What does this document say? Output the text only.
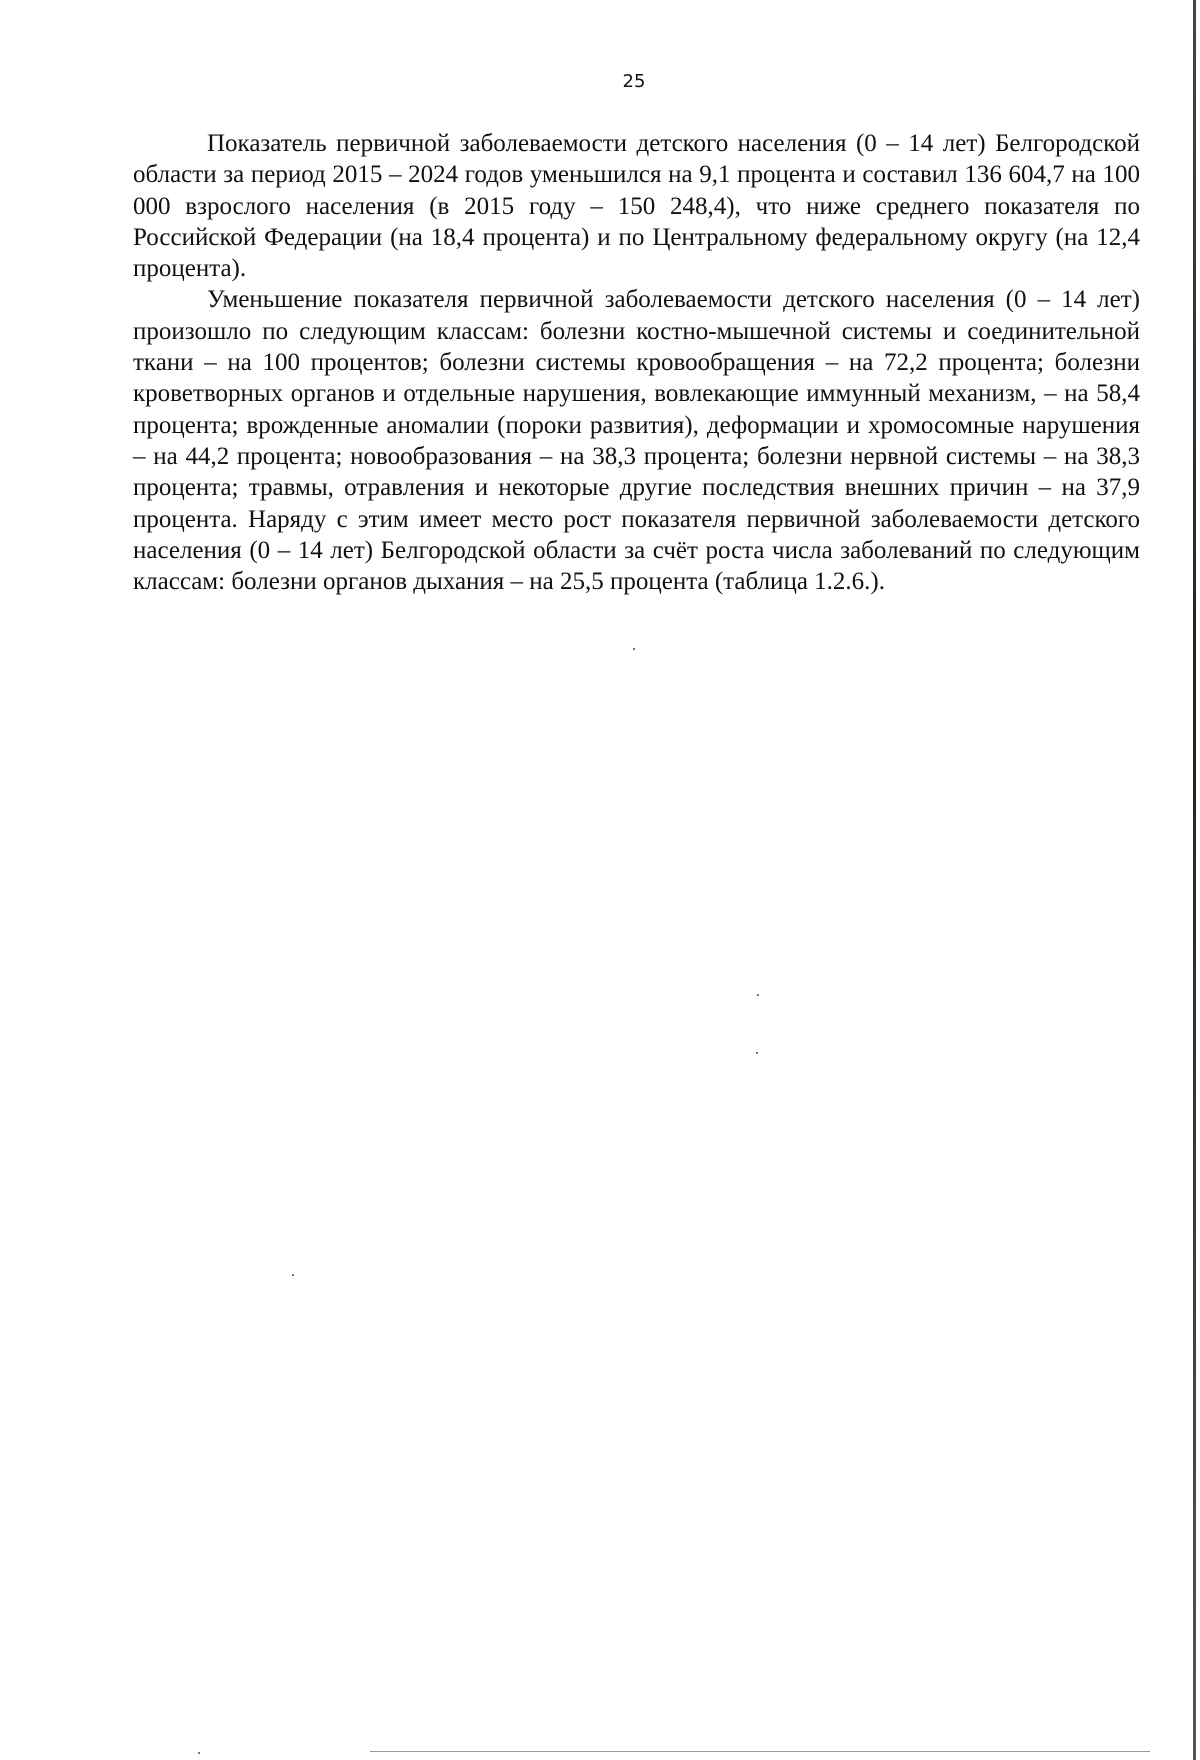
25

Показатель первичной заболеваемости детского населения (0 – 14 лет) Белгородской области за период 2015 – 2024 годов уменьшился на 9,1 процента и составил 136 604,7 на 100 000 взрослого населения (в 2015 году – 150 248,4), что ниже среднего показателя по Российской Федерации (на 18,4 процента) и по Центральному федеральному округу (на 12,4 процента).

Уменьшение показателя первичной заболеваемости детского населения (0 – 14 лет) произошло по следующим классам: болезни костно-мышечной системы и соединительной ткани – на 100 процентов; болезни системы кровообращения – на 72,2 процента; болезни кроветворных органов и отдельные нарушения, вовлекающие иммунный механизм, – на 58,4 процента; врожденные аномалии (пороки развития), деформации и хромосомные нарушения – на 44,2 процента; новообразования – на 38,3 процента; болезни нервной системы – на 38,3 процента; травмы, отравления и некоторые другие последствия внешних причин – на 37,9 процента. Наряду с этим имеет место рост показателя первичной заболеваемости детского населения (0 – 14 лет) Белгородской области за счёт роста числа заболеваний по следующим классам: болезни органов дыхания – на 25,5 процента (таблица 1.2.6.).
